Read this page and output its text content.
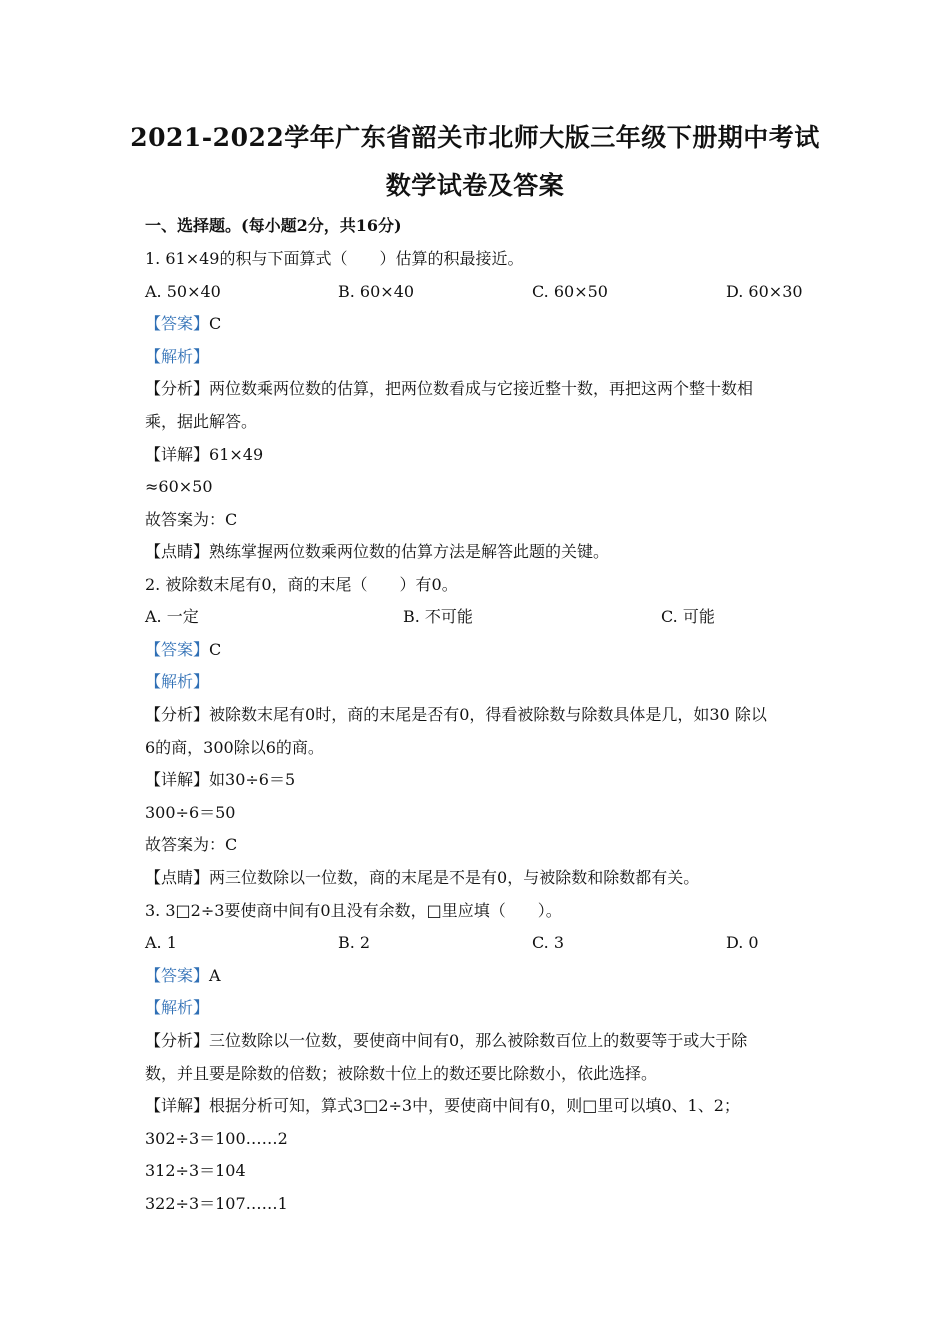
2021-2022学年广东省韶关市北师大版三年级下册期中考试
数学试卷及答案
一、选择题。(每小题2分，共16分)
1. 61×49的积与下面算式（　　）估算的积最接近。
A. 50×40	B. 60×40	C. 60×50	D. 60×30
【答案】C
【解析】
【分析】两位数乘两位数的估算，把两位数看成与它接近整十数，再把这两个整十数相
乘，据此解答。
【详解】61×49
≈60×50
故答案为：C
【点睛】熟练掌握两位数乘两位数的估算方法是解答此题的关键。
2. 被除数末尾有0，商的末尾（　　）有0。
A. 一定	B. 不可能	C. 可能
【答案】C
【解析】
【分析】被除数末尾有0时，商的末尾是否有0，得看被除数与除数具体是几，如30 除以
6的商，300除以6的商。
【详解】如30÷6＝5
300÷6＝50
故答案为：C
【点睛】两三位数除以一位数，商的末尾是不是有0，与被除数和除数都有关。
3. 3□2÷3要使商中间有0且没有余数，□里应填（　　）。
A. 1	B. 2	C. 3	D. 0
【答案】A
【解析】
【分析】三位数除以一位数，要使商中间有0，那么被除数百位上的数要等于或大于除
数，并且要是除数的倍数；被除数十位上的数还要比除数小，依此选择。
【详解】根据分析可知，算式3□2÷3中，要使商中间有0，则□里可以填0、1、2；
302÷3＝100……2
312÷3＝104
322÷3＝107……1
